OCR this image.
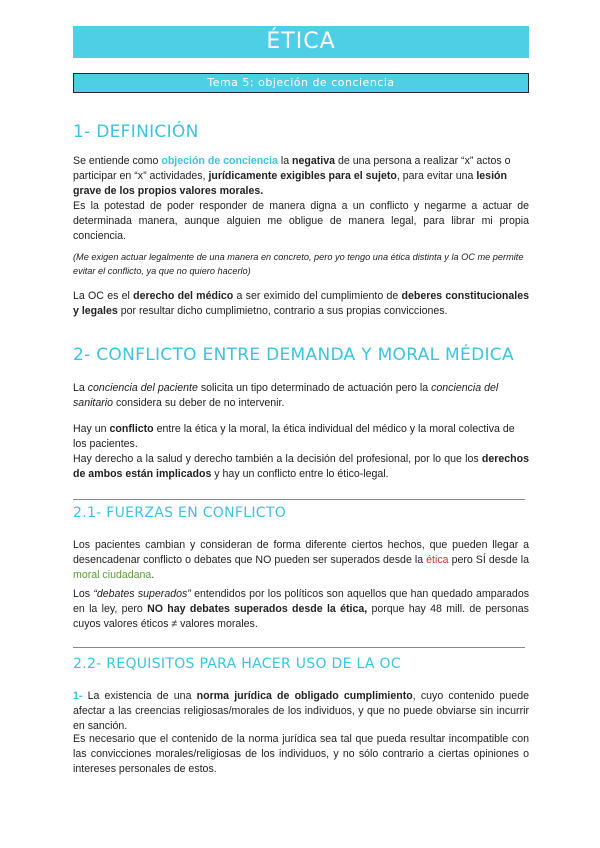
ÉTICA
Tema 5: objeción de conciencia
1- DEFINICIÓN

Se entiende como objeción de conciencia la negativa de una persona a realizar “x” actos o participar en “x” actividades, jurídicamente exigibles para el sujeto, para evitar una lesión grave de los propios valores morales.

Es la potestad de poder responder de manera digna a un conflicto y negarme a actuar de determinada manera, aunque alguien me obligue de manera legal, para librar mi propia conciencia.

(Me exigen actuar legalmente de una manera en concreto, pero yo tengo una ética distinta y la OC me permite evitar el conflicto, ya que no quiero hacerlo)

La OC es el derecho del médico a ser eximido del cumplimiento de deberes constitucionales y legales por resultar dicho cumplimietno, contrario a sus propias convicciones.

2- CONFLICTO ENTRE DEMANDA Y MORAL MÉDICA

La conciencia del paciente solicita un tipo determinado de actuación pero la conciencia del sanitario considera su deber de no intervenir.

Hay un conflicto entre la ética y la moral, la ética individual del médico y la moral colectiva de los pacientes.

Hay derecho a la salud y derecho también a la decisión del profesional, por lo que los derechos de ambos están implicados y hay un conflicto entre lo ético-legal.

2.1- FUERZAS EN CONFLICTO

Los pacientes cambian y consideran de forma diferente ciertos hechos, que pueden llegar a desencadenar conflicto o debates que NO pueden ser superados desde la ética pero SÍ desde la moral ciudadana.

Los “debates superados” entendidos por los políticos son aquellos que han quedado amparados en la ley, pero NO hay debates superados desde la ética, porque hay 48 mill. de personas cuyos valores éticos ≠ valores morales.

2.2- REQUISITOS PARA HACER USO DE LA OC

1- La existencia de una norma jurídica de obligado cumplimiento, cuyo contenido puede afectar a las creencias religiosas/morales de los individuos, y que no puede obviarse sin incurrir en sanción.

Es necesario que el contenido de la norma jurídica sea tal que pueda resultar incompatible con las convicciones morales/religiosas de los individuos, y no sólo contrario a ciertas opiniones o intereses personales de estos.
